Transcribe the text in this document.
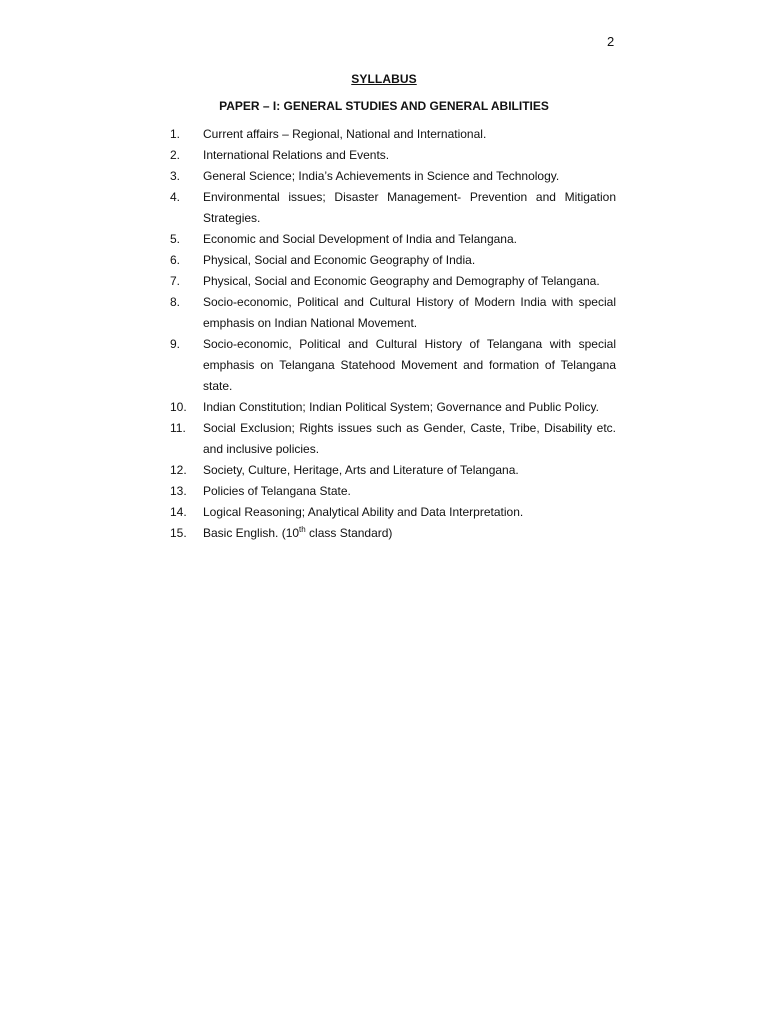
2
SYLLABUS
PAPER – I: GENERAL STUDIES AND GENERAL ABILITIES
1.	Current affairs – Regional, National and International.
2.	International Relations and Events.
3.	General Science; India’s Achievements in Science and Technology.
4.	Environmental issues; Disaster Management- Prevention and Mitigation Strategies.
5.	Economic and Social Development of India and Telangana.
6.	Physical, Social and Economic Geography of India.
7.	Physical, Social and Economic Geography and Demography of Telangana.
8.	Socio-economic, Political and Cultural History of Modern India with special emphasis on Indian National Movement.
9.	Socio-economic, Political and Cultural History of Telangana with special emphasis on Telangana Statehood Movement and formation of Telangana state.
10.	Indian Constitution; Indian Political System; Governance and Public Policy.
11.	Social Exclusion; Rights issues such as Gender, Caste, Tribe, Disability etc. and inclusive policies.
12.	Society, Culture, Heritage, Arts and Literature of Telangana.
13.	Policies of Telangana State.
14.	Logical Reasoning; Analytical Ability and Data Interpretation.
15.	Basic English. (10th class Standard)
